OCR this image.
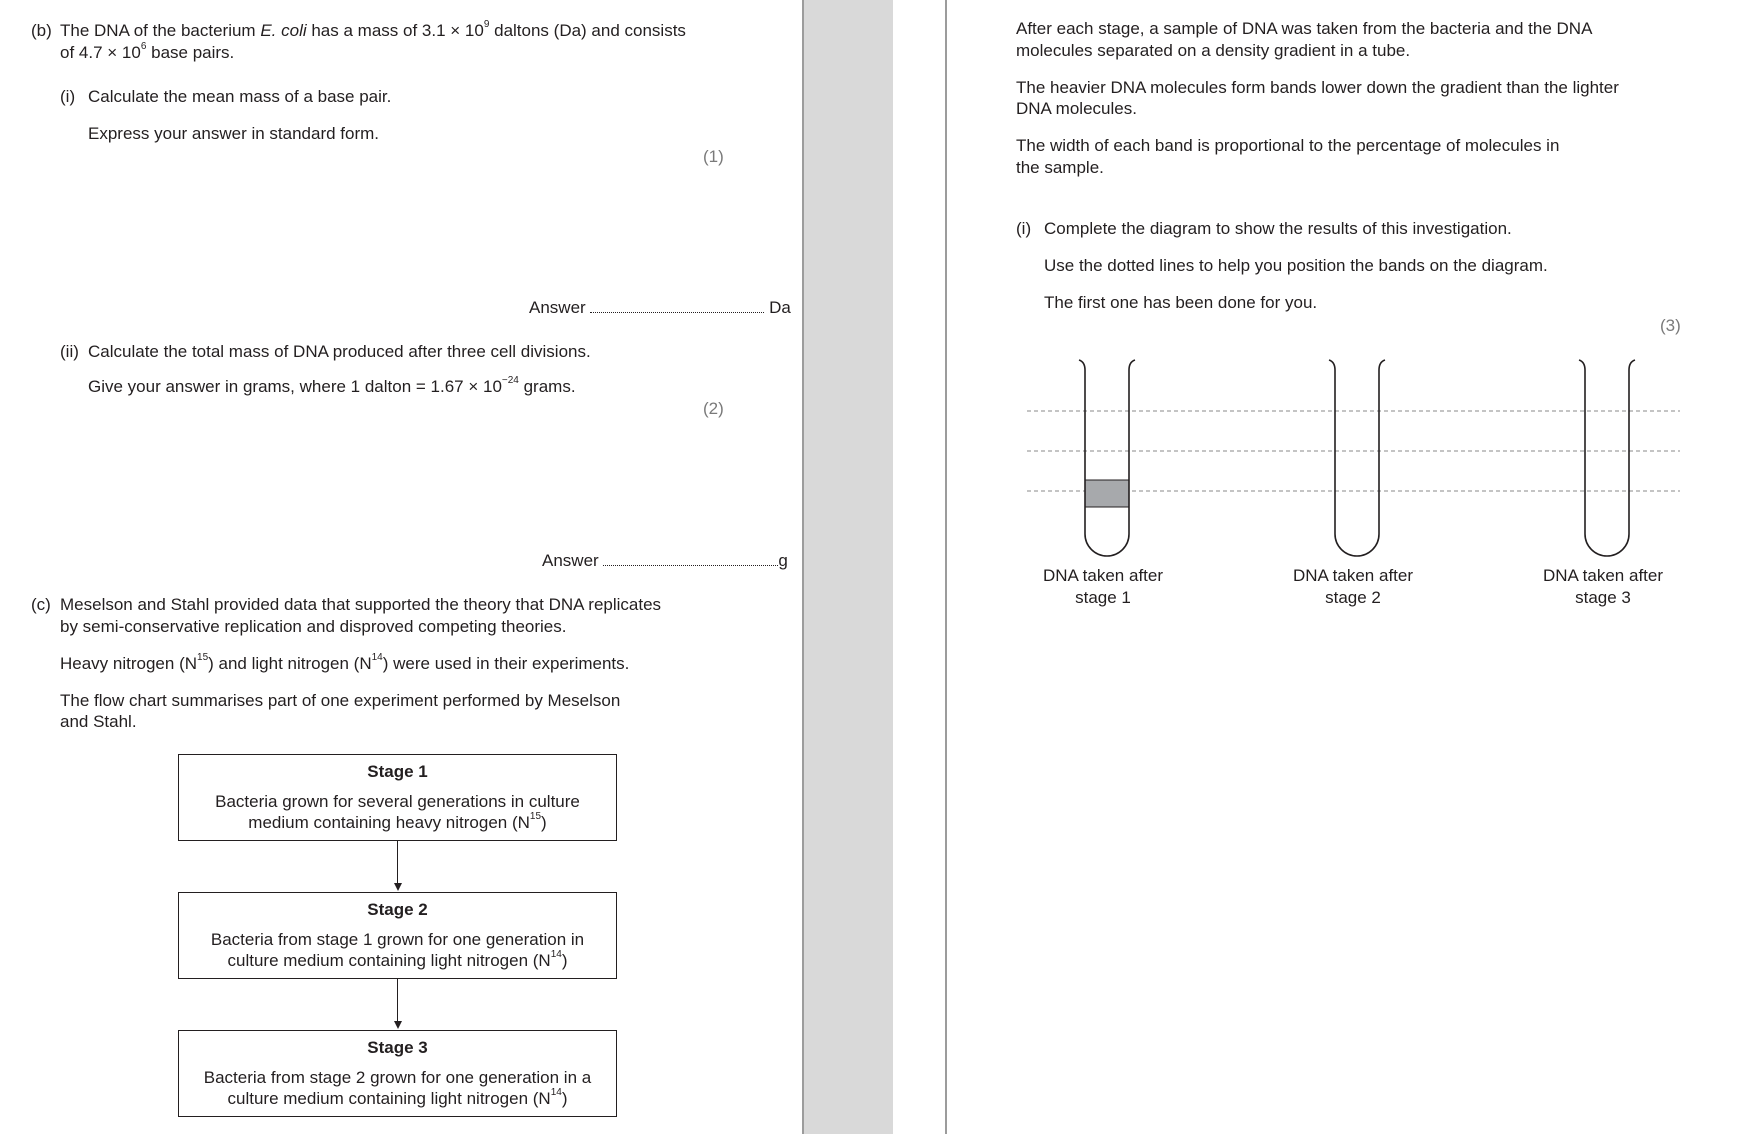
(b) The DNA of the bacterium E. coli has a mass of $3.1 \times 10^9$ daltons (Da) and consists
of $4.7 \times 10^6$ base pairs.
(i) Calculate the mean mass of a base pair.
Express your answer in standard form.
(1)
Answer	Da
(ii) Calculate the total mass of DNA produced after three cell divisions.
Give your answer in grams, where 1 dalton = $1.67 \times 10^{-24}$ grams.
(2)
Answer	g
(c) Meselson and Stahl provided data that supported the theory that DNA replicates
by semi-conservative replication and disproved competing theories.
Heavy nitrogen $(N^{15})$ and light nitrogen $(N^{14})$ were used in their experiments.
The flow chart summarises part of one experiment performed by Meselson
and Stahl.
Stage 1
Bacteria grown for several generations in culture
medium containing heavy nitrogen $(N^{15})$
Stage 2
Bacteria from stage 1 grown for one generation in
culture medium containing light nitrogen $(N^{14})$
Stage 3
Bacteria from stage 2 grown for one generation in a
culture medium containing light nitrogen $(N^{14})$
After each stage, a sample of DNA was taken from the bacteria and the DNA
molecules separated on a density gradient in a tube.
The heavier DNA molecules form bands lower down the gradient than the lighter
DNA molecules.
The width of each band is proportional to the percentage of molecules in
the sample.
(i) Complete the diagram to show the results of this investigation.
Use the dotted lines to help you position the bands on the diagram.
The first one has been done for you.
(3)
DNA taken after
stage 1
DNA taken after
stage 2
DNA taken after
stage 3
